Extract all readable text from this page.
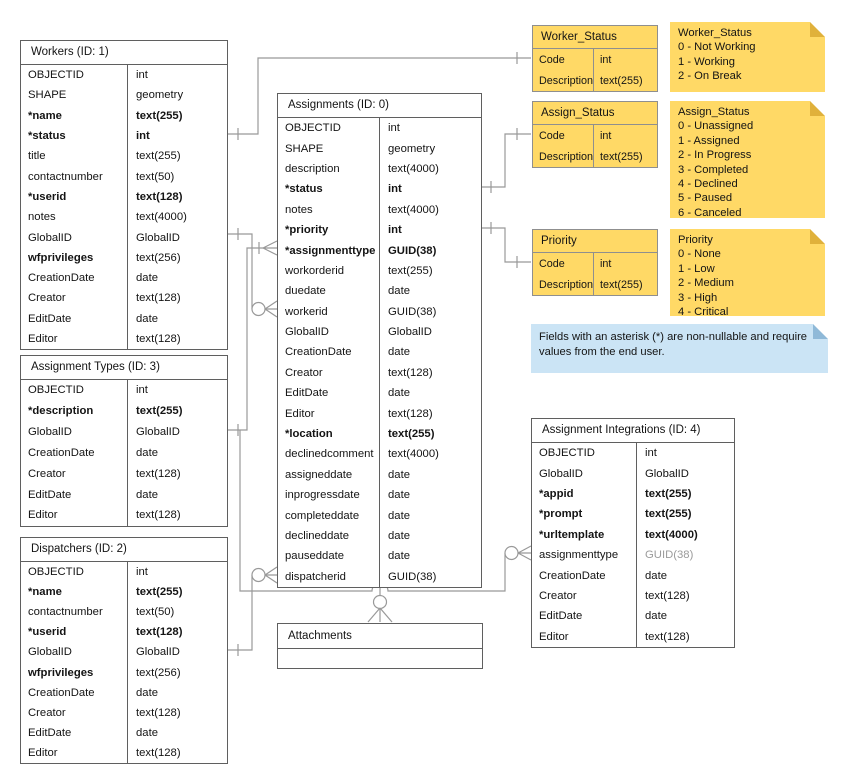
Workers (ID: 1)
OBJECTID	int
SHAPE	geometry
*name	text(255)
*status	int
title	text(255)
contactnumber	text(50)
*userid	text(128)
notes	text(4000)
GlobalID	GlobalID
wfprivileges	text(256)
CreationDate	date
Creator	text(128)
EditDate	date
Editor	text(128)
Assignment Types (ID: 3)
OBJECTID	int
*description	text(255)
GlobalID	GlobalID
CreationDate	date
Creator	text(128)
EditDate	date
Editor	text(128)
Dispatchers (ID: 2)
OBJECTID	int
*name	text(255)
contactnumber	text(50)
*userid	text(128)
GlobalID	GlobalID
wfprivileges	text(256)
CreationDate	date
Creator	text(128)
EditDate	date
Editor	text(128)
Assignments (ID: 0)
OBJECTID	int
SHAPE	geometry
description	text(4000)
*status	int
notes	text(4000)
*priority	int
*assignmenttype	GUID(38)
workorderid	text(255)
duedate	date
workerid	GUID(38)
GlobalID	GlobalID
CreationDate	date
Creator	text(128)
EditDate	date
Editor	text(128)
*location	text(255)
declinedcomment	text(4000)
assigneddate	date
inprogressdate	date
completeddate	date
declineddate	date
pauseddate	date
dispatcherid	GUID(38)
Attachments
Assignment Integrations (ID: 4)
OBJECTID	int
GlobalID	GlobalID
*appid	text(255)
*prompt	text(255)
*urltemplate	text(4000)
assignmenttype	GUID(38)
CreationDate	date
Creator	text(128)
EditDate	date
Editor	text(128)
Worker_Status
Code	int
Description text(255)
Assign_Status
Code	int
Description text(255)
Priority
Code	int
Description text(255)
Worker_Status
0 - Not Working
1 - Working
2 - On Break
Assign_Status
0 - Unassigned
1 - Assigned
2 - In Progress
3 - Completed
4 - Declined
5 - Paused
6 - Canceled
Priority
0 - None
1 - Low
2 - Medium
3 - High
4 - Critical
Fields with an asterisk (*) are non-nullable and require values from the end user.
